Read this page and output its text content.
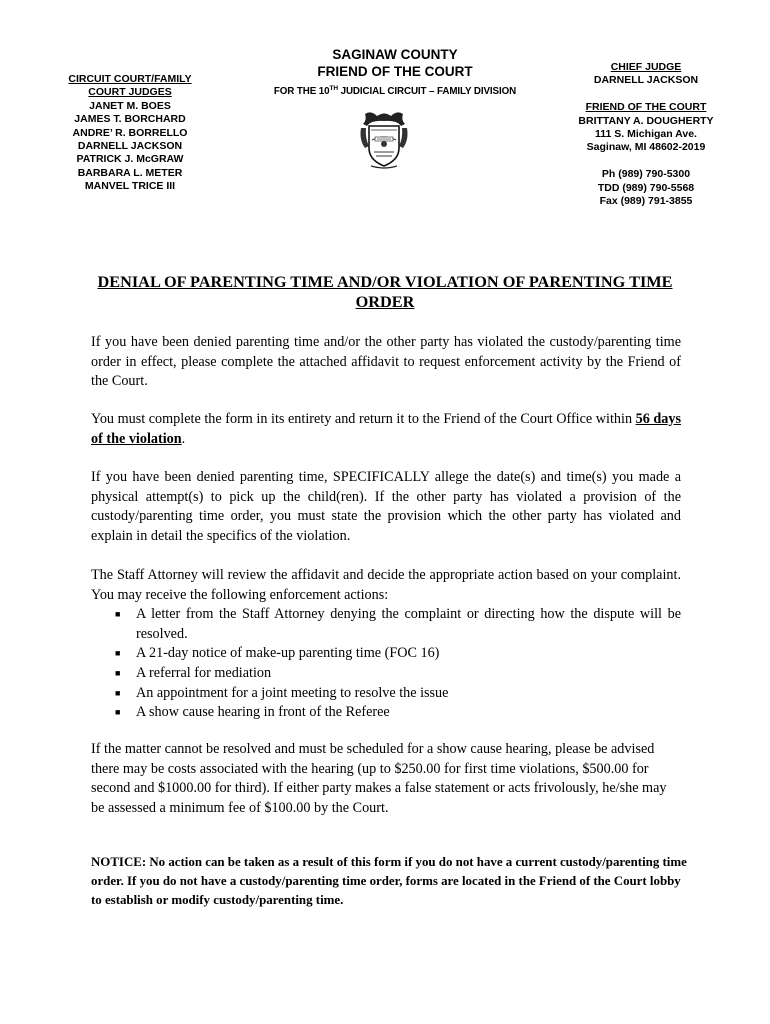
CIRCUIT COURT/FAMILY
COURT JUDGES
JANET M. BOES
JAMES T. BORCHARD
ANDRE’ R. BORRELLO
DARNELL JACKSON
PATRICK J. McGRAW
BARBARA L. METER
MANVEL TRICE III
SAGINAW COUNTY
FRIEND OF THE COURT
FOR THE 10TH JUDICIAL CIRCUIT – FAMILY DIVISION
CHIEF JUDGE
DARNELL JACKSON
FRIEND OF THE COURT
BRITTANY A. DOUGHERTY
111 S. Michigan Ave.
Saginaw, MI 48602-2019
Ph (989) 790-5300
TDD (989) 790-5568
Fax (989) 791-3855
DENIAL OF PARENTING TIME AND/OR VIOLATION OF PARENTING TIME ORDER
If you have been denied parenting time and/or the other party has violated the custody/parenting time order in effect, please complete the attached affidavit to request enforcement activity by the Friend of the Court.
You must complete the form in its entirety and return it to the Friend of the Court Office within 56 days of the violation.
If you have been denied parenting time, SPECIFICALLY allege the date(s) and time(s) you made a physical attempt(s) to pick up the child(ren). If the other party has violated a provision of the custody/parenting time order, you must state the provision which the other party has violated and explain in detail the specifics of the violation.
The Staff Attorney will review the affidavit and decide the appropriate action based on your complaint. You may receive the following enforcement actions:
■ A letter from the Staff Attorney denying the complaint or directing how the dispute will be resolved.
■ A 21-day notice of make-up parenting time (FOC 16)
■ A referral for mediation
■ An appointment for a joint meeting to resolve the issue
■ A show cause hearing in front of the Referee
If the matter cannot be resolved and must be scheduled for a show cause hearing, please be advised there may be costs associated with the hearing (up to $250.00 for first time violations, $500.00 for second and $1000.00 for third). If either party makes a false statement or acts frivolously, he/she may be assessed a minimum fee of $100.00 by the Court.
NOTICE: No action can be taken as a result of this form if you do not have a current custody/parenting time order. If you do not have a custody/parenting time order, forms are located in the Friend of the Court lobby to establish or modify custody/parenting time.
